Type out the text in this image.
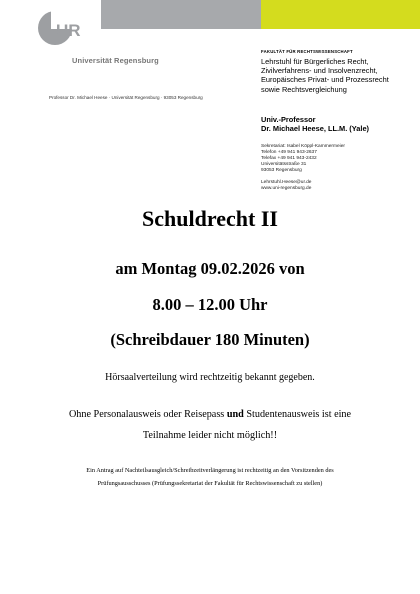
UR
Universität Regensburg
Professor Dr. Michael Heese · Universität Regensburg · 93053 Regensburg
FAKULTÄT FÜR RECHTSWISSENSCHAFT
Lehrstuhl für Bürgerliches Recht,
Zivilverfahrens- und Insolvenzrecht,
Europäisches Privat- und Prozessrecht
sowie Rechtsvergleichung
Univ.-Professor
Dr. Michael Heese, LL.M. (Yale)
Sekretariat: Isabel Köppl-Kammermeier
Telefon +49 941 943-2637
Telefax +49 941 943-2432
Universitätsstraße 31
93053 Regensburg
Lehrstuhl.Heese@ur.de
www.uni-regensburg.de
Schuldrecht II
am Montag 09.02.2026 von
8.00 – 12.00 Uhr
(Schreibdauer 180 Minuten)
Hörsaalverteilung wird rechtzeitig bekannt gegeben.
Ohne Personalausweis oder Reisepass und Studentenausweis ist eine
Teilnahme leider nicht möglich!!
Ein Antrag auf Nachteilsausgleich/Schreibzeitverlängerung ist rechtzeitig an den Vorsitzenden des
Prüfungsausschusses (Prüfungssekretariat der Fakultät für Rechtswissenschaft zu stellen)
